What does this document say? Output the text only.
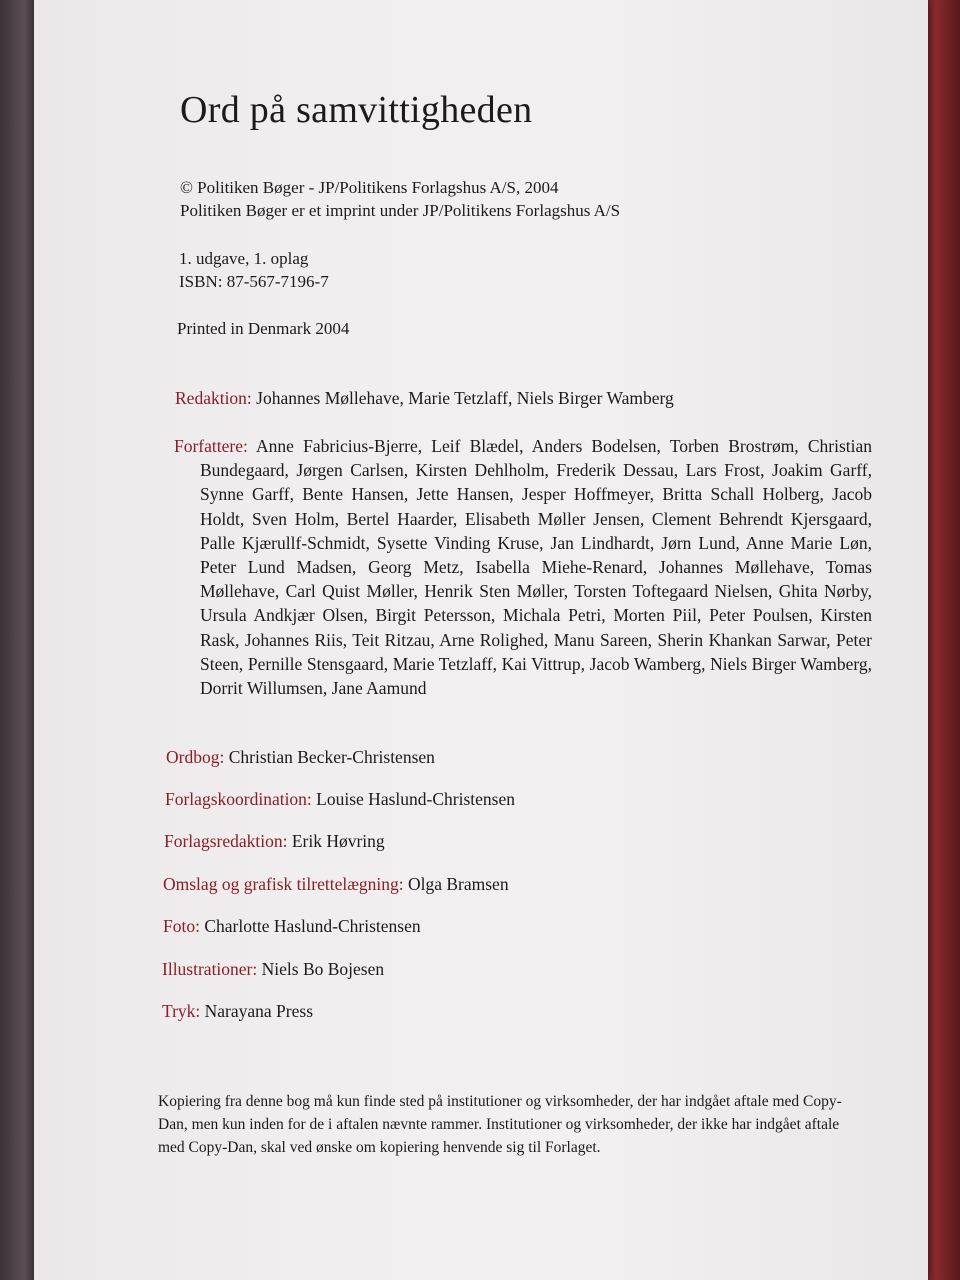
Ord på samvittigheden

© Politiken Bøger - JP/Politikens Forlagshus A/S, 2004

Politiken Bøger er et imprint under JP/Politikens Forlagshus A/S

1. udgave, 1. oplag

ISBN: 87-567-7196-7

Printed in Denmark 2004

Redaktion: Johannes Møllehave, Marie Tetzlaff, Niels Birger Wamberg

Forfattere: Anne Fabricius-Bjerre, Leif Blædel, Anders Bodelsen, Torben Brostrøm, Christian Bundegaard, Jørgen Carlsen, Kirsten Dehlholm, Frederik Dessau, Lars Frost, Joakim Garff, Synne Garff, Bente Hansen, Jette Hansen, Jesper Hoffmeyer, Britta Schall Holberg, Jacob Holdt, Sven Holm, Bertel Haarder, Elisabeth Møller Jensen, Clement Behrendt Kjersgaard, Palle Kjærullf-Schmidt, Sysette Vinding Kruse, Jan Lindhardt, Jørn Lund, Anne Marie Løn, Peter Lund Madsen, Georg Metz, Isabella Miehe-Renard, Johannes Møllehave, Tomas Møllehave, Carl Quist Møller, Henrik Sten Møller, Torsten Toftegaard Nielsen, Ghita Nørby, Ursula Andkjær Olsen, Birgit Petersson, Michala Petri, Morten Piil, Peter Poulsen, Kirsten Rask, Johannes Riis, Teit Ritzau, Arne Rolighed, Manu Sareen, Sherin Khankan Sarwar, Peter Steen, Pernille Stensgaard, Marie Tetzlaff, Kai Vittrup, Jacob Wamberg, Niels Birger Wamberg, Dorrit Willumsen, Jane Aamund

Ordbog: Christian Becker-Christensen

Forlagskoordination: Louise Haslund-Christensen

Forlagsredaktion: Erik Høvring

Omslag og grafisk tilrettelægning: Olga Bramsen

Foto: Charlotte Haslund-Christensen

Illustrationer: Niels Bo Bojesen

Tryk: Narayana Press

Kopiering fra denne bog må kun finde sted på institutioner og virksomheder, der har indgået aftale med Copy-Dan, men kun inden for de i aftalen nævnte rammer. Institutioner og virksomheder, der ikke har indgået aftale med Copy-Dan, skal ved ønske om kopiering henvende sig til Forlaget.
